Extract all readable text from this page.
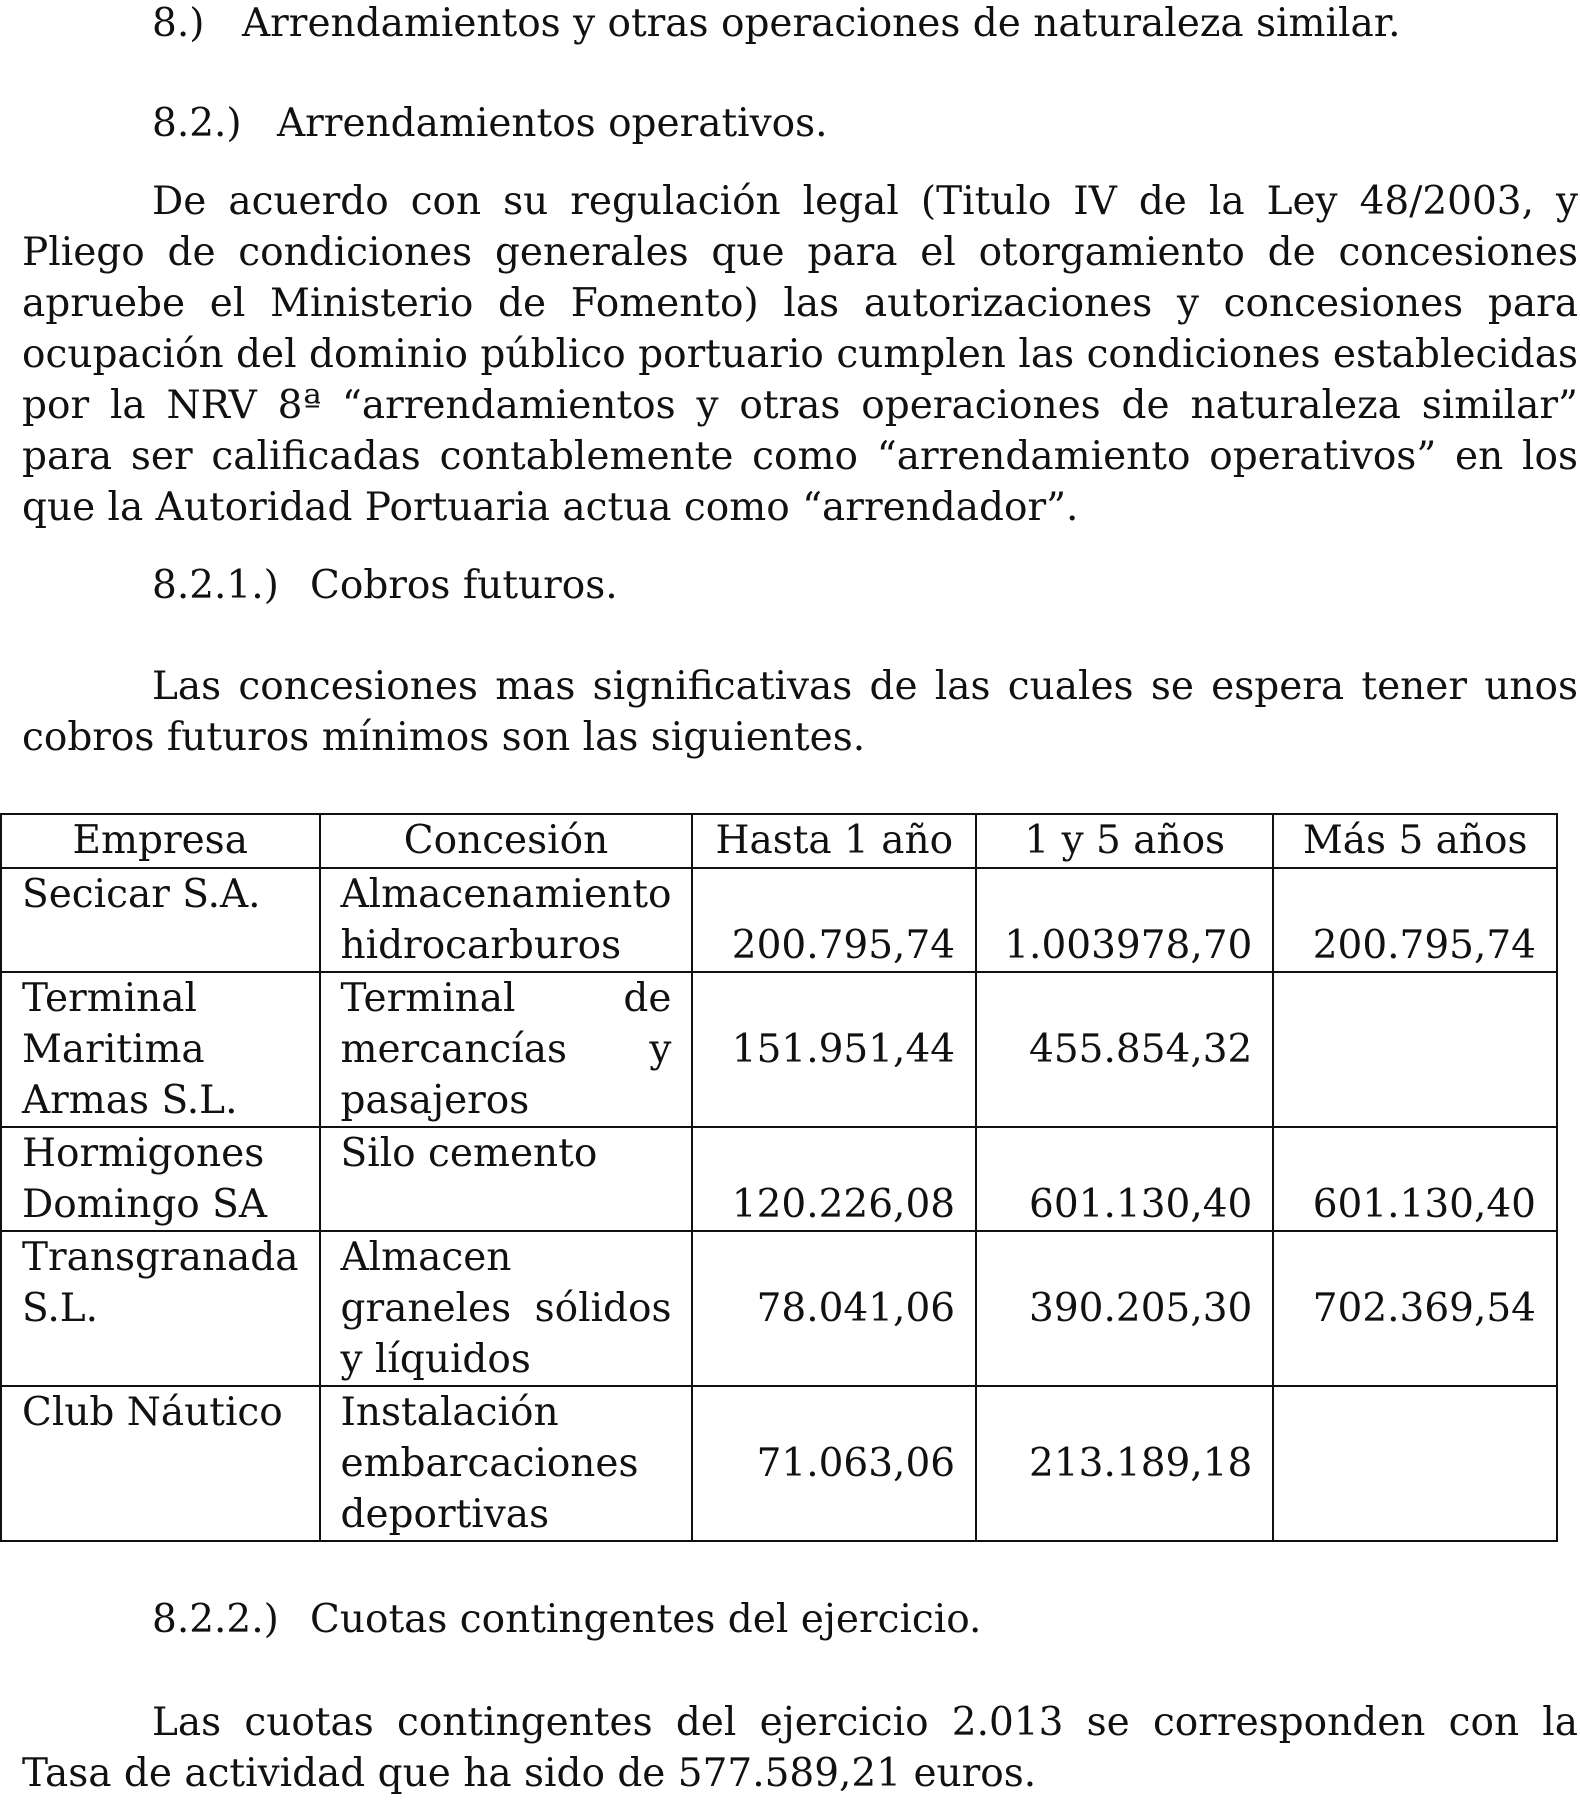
8.) Arrendamientos y otras operaciones de naturaleza similar.
8.2.) Arrendamientos operativos.

De acuerdo con su regulación legal (Titulo IV de la Ley 48/2003, y Pliego de condiciones generales que para el otorgamiento de concesiones apruebe el Ministerio de Fomento) las autorizaciones y concesiones para ocupación del dominio público portuario cumplen las condiciones establecidas por la NRV 8ª “arrendamientos y otras operaciones de naturaleza similar” para ser calificadas contablemente como “arrendamiento operativos” en los que la Autoridad Portuaria actua como “arrendador”.

8.2.1.) Cobros futuros.

Las concesiones mas significativas de las cuales se espera tener unos cobros futuros mínimos son las siguientes.

Empresa	Concesión	Hasta 1 año	1 y 5 años	Más 5 años
Secicar S.A.	Almacenamiento hidrocarburos	200.795,74	1.003978,70	200.795,74
Terminal Maritima Armas S.L.	Terminal de mercancías y pasajeros	151.951,44	455.854,32	
Hormigones Domingo SA	Silo cemento	120.226,08	601.130,40	601.130,40
Transgranada S.L.	Almacen graneles sólidos y líquidos	78.041,06	390.205,30	702.369,54
Club Náutico	Instalación embarcaciones deportivas	71.063,06	213.189,18	
8.2.2.) Cuotas contingentes del ejercicio.

Las cuotas contingentes del ejercicio 2.013 se corresponden con la Tasa de actividad que ha sido de 577.589,21 euros.
